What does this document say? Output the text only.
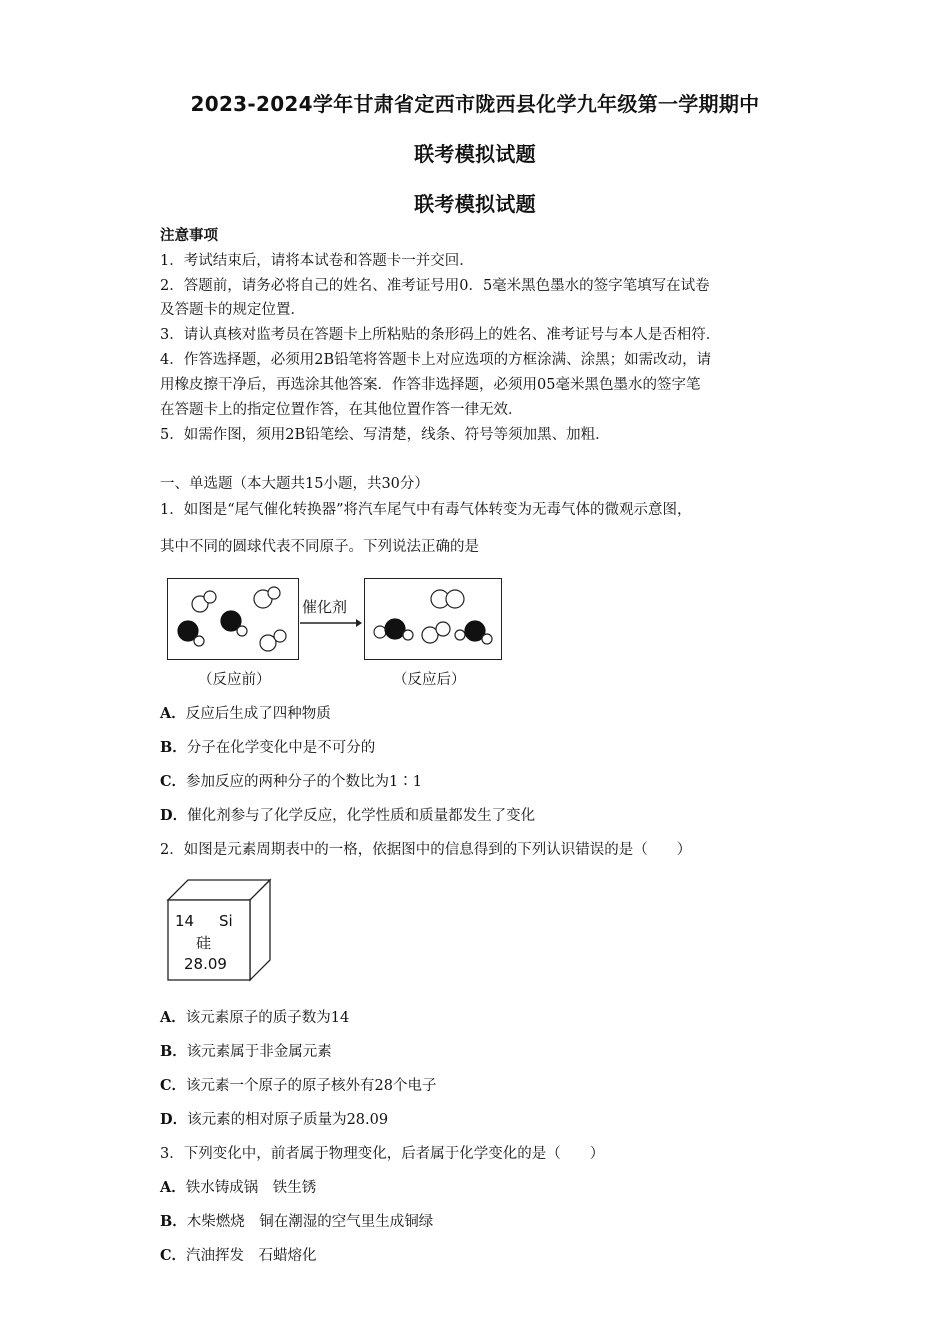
2023-2024学年甘肃省定西市陇西县化学九年级第一学期期中
联考模拟试题
联考模拟试题
注意事项
1．考试结束后，请将本试卷和答题卡一并交回．
2．答题前，请务必将自己的姓名、准考证号用0．5毫米黑色墨水的签字笔填写在试卷
及答题卡的规定位置．
3．请认真核对监考员在答题卡上所粘贴的条形码上的姓名、准考证号与本人是否相符．
4．作答选择题，必须用2B铅笔将答题卡上对应选项的方框涂满、涂黑；如需改动，请
用橡皮擦干净后，再选涂其他答案．作答非选择题，必须用05毫米黑色墨水的签字笔
在答题卡上的指定位置作答，在其他位置作答一律无效．
5．如需作图，须用2B铅笔绘、写清楚，线条、符号等须加黑、加粗．
一、单选题（本大题共15小题，共30分）
1．如图是“尾气催化转换器”将汽车尾气中有毒气体转变为无毒气体的微观示意图，
其中不同的圆球代表不同原子。下列说法正确的是
催化剂
（反应前）	（反应后）
A．反应后生成了四种物质
B．分子在化学变化中是不可分的
C．参加反应的两种分子的个数比为1∶1
D．催化剂参与了化学反应，化学性质和质量都发生了变化
2．如图是元素周期表中的一格，依据图中的信息得到的下列认识错误的是（　　）
14 Si
硅
28.09
A．该元素原子的质子数为14
B．该元素属于非金属元素
C．该元素一个原子的原子核外有28个电子
D．该元素的相对原子质量为28.09
3．下列变化中，前者属于物理变化，后者属于化学变化的是（　　）
A．铁水铸成锅　铁生锈
B．木柴燃烧　铜在潮湿的空气里生成铜绿
C．汽油挥发　石蜡熔化
